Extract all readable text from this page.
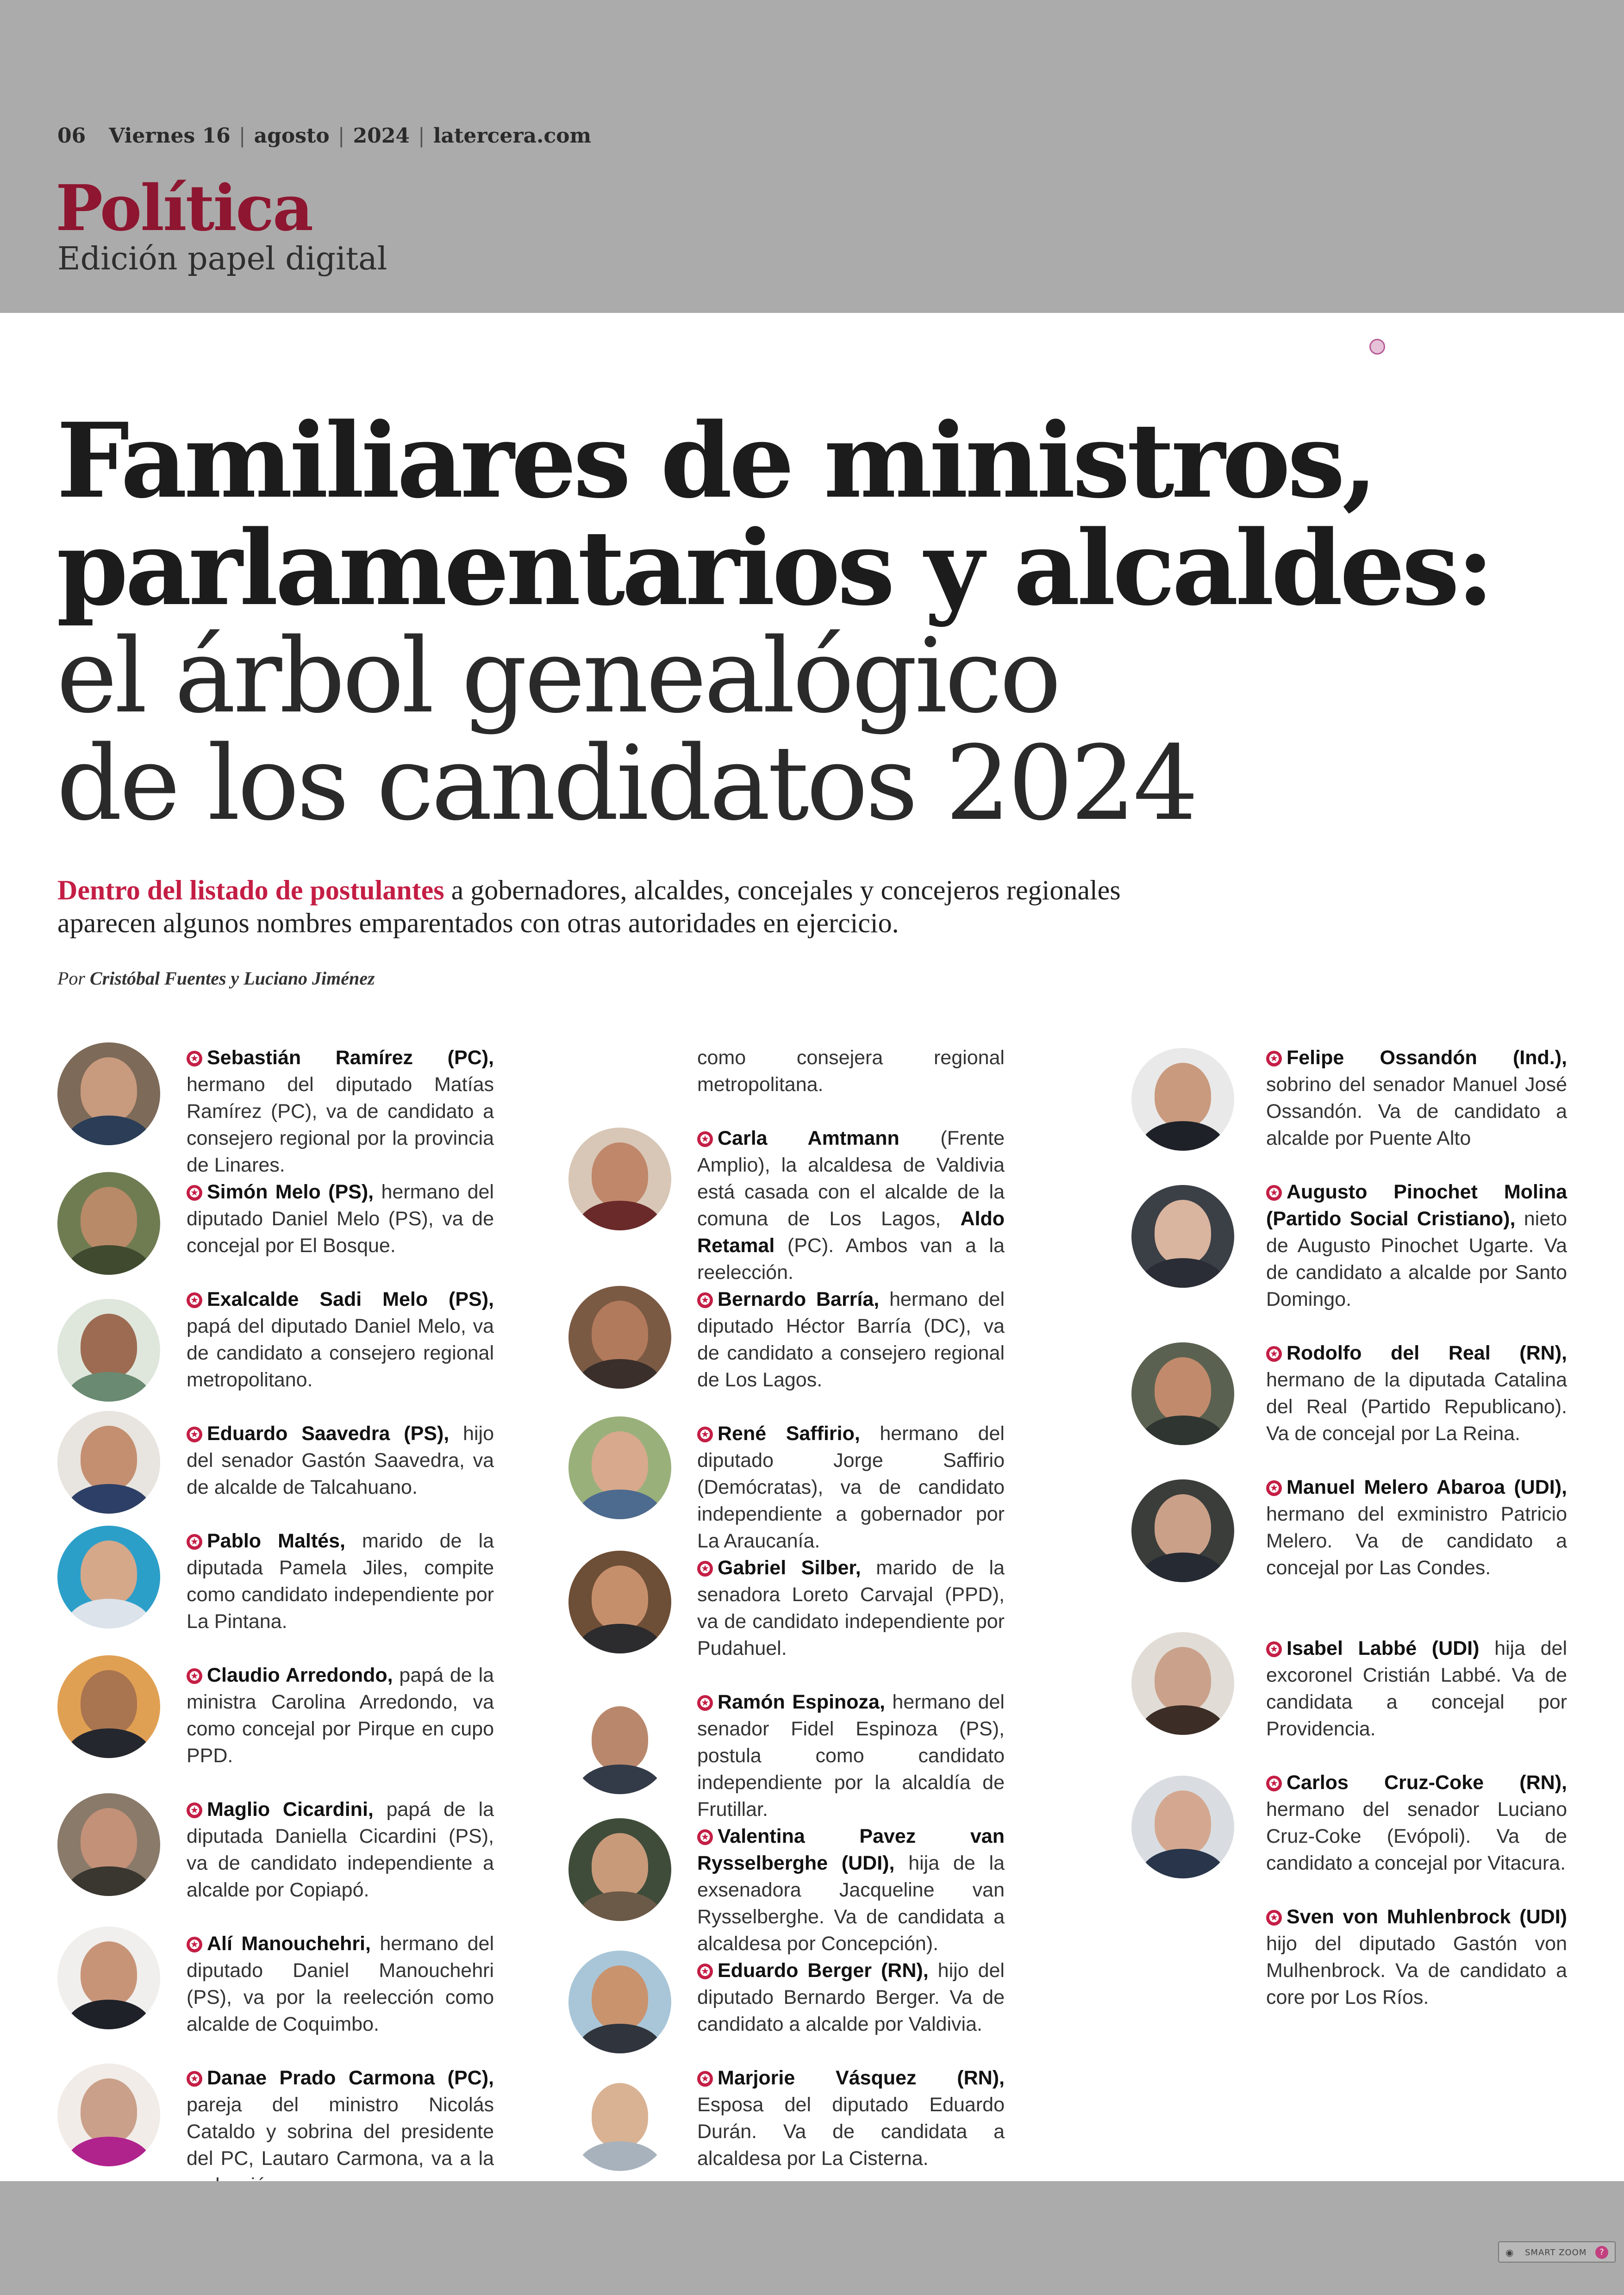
06 Viernes 16 | agosto | 2024 | latercera.com
Política
Edición papel digital
Familiares de ministros,
parlamentarios y alcaldes:
el árbol genealógico
de los candidatos 2024
Dentro del listado de postulantes a gobernadores, alcaldes, concejales y concejeros regionales aparecen algunos nombres emparentados con otras autoridades en ejercicio.
Por Cristóbal Fuentes y Luciano Jiménez
✪ Sebastián Ramírez (PC), hermano del diputado Matías Ramírez (PC), va de candidato a consejero regional por la provincia de Linares.
✪ Simón Melo (PS), hermano del diputado Daniel Melo (PS), va de concejal por El Bosque.
✪ Exalcalde Sadi Melo (PS), papá del diputado Daniel Melo, va de candidato a consejero regional metropolitano.
✪ Eduardo Saavedra (PS), hijo del senador Gastón Saavedra, va de alcalde de Talcahuano.
✪ Pablo Maltés, marido de la diputada Pamela Jiles, compite como candidato independiente por La Pintana.
✪ Claudio Arredondo, papá de la ministra Carolina Arredondo, va como concejal por Pirque en cupo PPD.
✪ Maglio Cicardini, papá de la diputada Daniella Cicardini (PS), va de candidato independiente a alcalde por Copiapó.
✪ Alí Manouchehri, hermano del diputado Daniel Manouchehri (PS), va por la reelección como alcalde de Coquimbo.
✪ Danae Prado Carmona (PC), pareja del ministro Nicolás Cataldo y sobrina del presidente del PC, Lautaro Carmona, va a la
como consejera regional metropolitana.
✪ Carla Amtmann (Frente Amplio), la alcaldesa de Valdivia está casada con el alcalde de la comuna de Los Lagos, Aldo Retamal (PC). Ambos van a la reelección.
✪ Bernardo Barría, hermano del diputado Héctor Barría (DC), va de candidato a consejero regional de Los Lagos.
✪ René Saffirio, hermano del diputado Jorge Saffirio (Demócratas), va de candidato independiente a gobernador por La Araucanía.
✪ Gabriel Silber, marido de la senadora Loreto Carvajal (PPD), va de candidato independiente por Pudahuel.
✪ Ramón Espinoza, hermano del senador Fidel Espinoza (PS), postula como candidato independiente por la alcaldía de Frutillar.
✪ Valentina Pavez van Rysselberghe (UDI), hija de la exsenadora Jacqueline van Rysselberghe. Va de candidata a alcaldesa por Concepción).
✪ Eduardo Berger (RN), hijo del diputado Bernardo Berger. Va de candidato a alcalde por Valdivia.
✪ Marjorie Vásquez (RN), Esposa del diputado Eduardo Durán. Va de candidata a alcaldesa por La Cisterna.
✪ Felipe Ossandón (Ind.), sobrino del senador Manuel José Ossandón. Va de candidato a alcalde por Puente Alto
✪ Augusto Pinochet Molina (Partido Social Cristiano), nieto de Augusto Pinochet Ugarte. Va de candidato a alcalde por Santo Domingo.
✪ Rodolfo del Real (RN), hermano de la diputada Catalina del Real (Partido Republicano). Va de concejal por La Reina.
✪ Manuel Melero Abaroa (UDI), hermano del exministro Patricio Melero. Va de candidato a concejal por Las Condes.
✪ Isabel Labbé (UDI) hija del excoronel Cristián Labbé. Va de candidata a concejal por Providencia.
✪ Carlos Cruz-Coke (RN), hermano del senador Luciano Cruz-Coke (Evópoli). Va de candidato a concejal por Vitacura.
✪ Sven von Muhlenbrock (UDI) hijo del diputado Gastón von Mulhenbrock. Va de candidato a core por Los Ríos.
◉ SMART ZOOM	?
